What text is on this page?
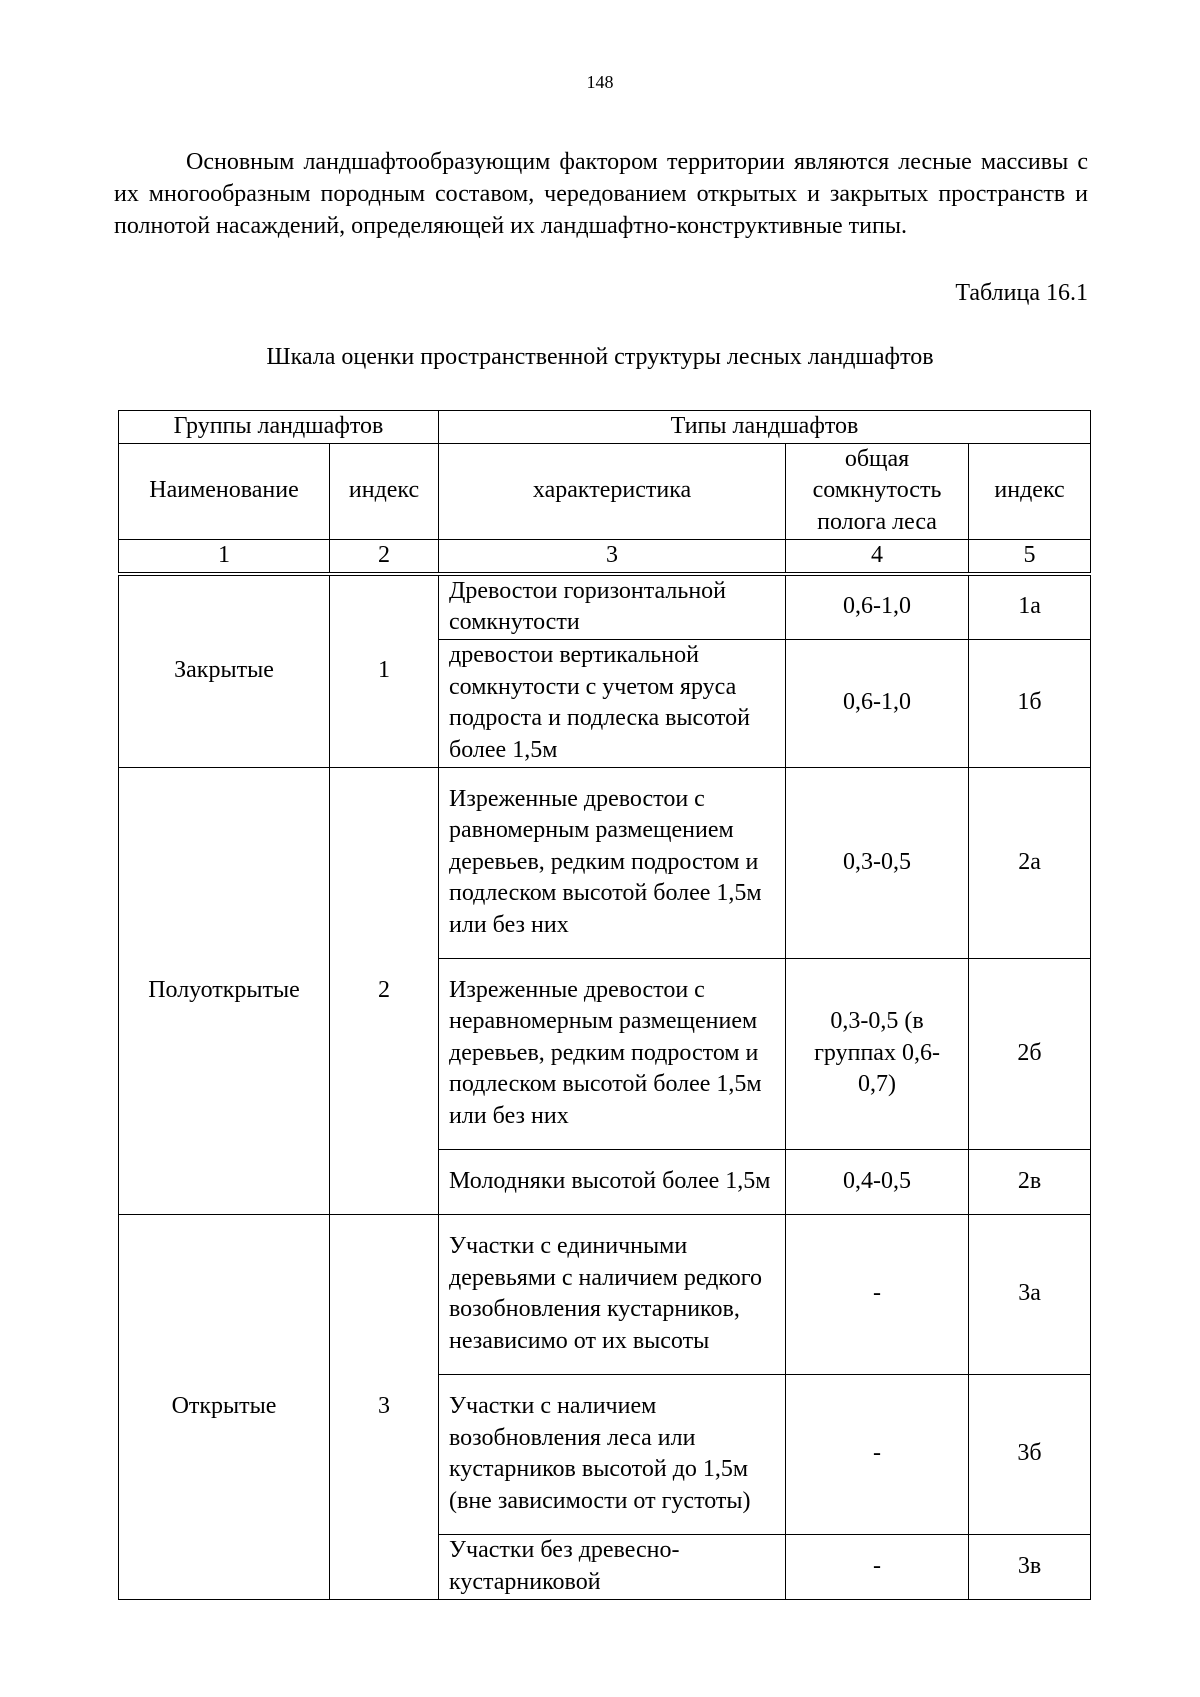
148

Основным ландшафтообразующим фактором территории являются лесные массивы с их многообразным породным составом, чередованием открытых и закрытых пространств и полнотой насаждений, определяющей их ландшафтно-конструктивные типы.

Таблица 16.1
Шкала оценки пространственной структуры лесных ландшафтов
Группы ландшафтов		Типы ландшафтов		
Наименование	индекс	характеристика	общая сомкнутость полога леса	индекс
1	2	3	4	5
Закрытые	1	Древостои горизонтальной сомкнутости	0,6-1,0	1а
		древостои вертикальной сомкнутости с учетом яруса подроста и подлеска высотой более 1,5м	0,6-1,0	1б
Полуоткрытые	2	Изреженные древостои с равномерным размещением деревьев, редким подростом и подлеском высотой более 1,5м или без них	0,3-0,5	2а
		Изреженные древостои с неравномерным размещением деревьев, редким подростом и подлеском высотой более 1,5м или без них	0,3-0,5 (в группах 0,6-0,7)	2б
		Молодняки высотой более 1,5м	0,4-0,5	2в
Открытые	3	Участки с единичными деревьями с наличием редкого возобновления кустарников, независимо от их высоты	-	3а
		Участки с наличием возобновления леса или кустарников высотой до 1,5м (вне зависимости от густоты)	-	3б
		Участки без древесно-кустарниковой	-	3в
